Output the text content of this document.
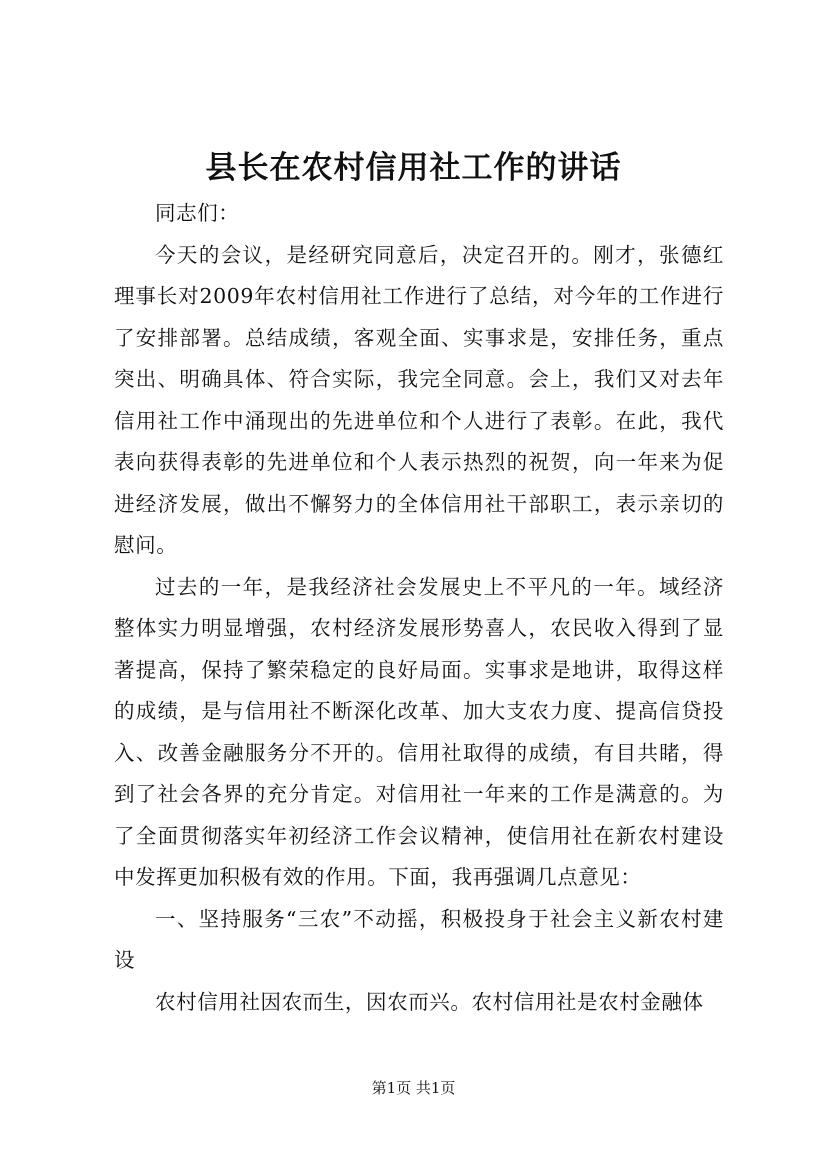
县长在农村信用社工作的讲话

同志们：

今天的会议，是经研究同意后，决定召开的。刚才，张德红理事长对2009年农村信用社工作进行了总结，对今年的工作进行了安排部署。总结成绩，客观全面、实事求是，安排任务，重点突出、明确具体、符合实际，我完全同意。会上，我们又对去年信用社工作中涌现出的先进单位和个人进行了表彰。在此，我代表向获得表彰的先进单位和个人表示热烈的祝贺，向一年来为促进经济发展，做出不懈努力的全体信用社干部职工，表示亲切的慰问。

过去的一年，是我经济社会发展史上不平凡的一年。域经济整体实力明显增强，农村经济发展形势喜人，农民收入得到了显著提高，保持了繁荣稳定的良好局面。实事求是地讲，取得这样的成绩，是与信用社不断深化改革、加大支农力度、提高信贷投入、改善金融服务分不开的。信用社取得的成绩，有目共睹，得到了社会各界的充分肯定。对信用社一年来的工作是满意的。为了全面贯彻落实年初经济工作会议精神，使信用社在新农村建设中发挥更加积极有效的作用。下面，我再强调几点意见：

一、坚持服务“三农”不动摇，积极投身于社会主义新农村建设

农村信用社因农而生，因农而兴。农村信用社是农村金融体

第1页 共1页
